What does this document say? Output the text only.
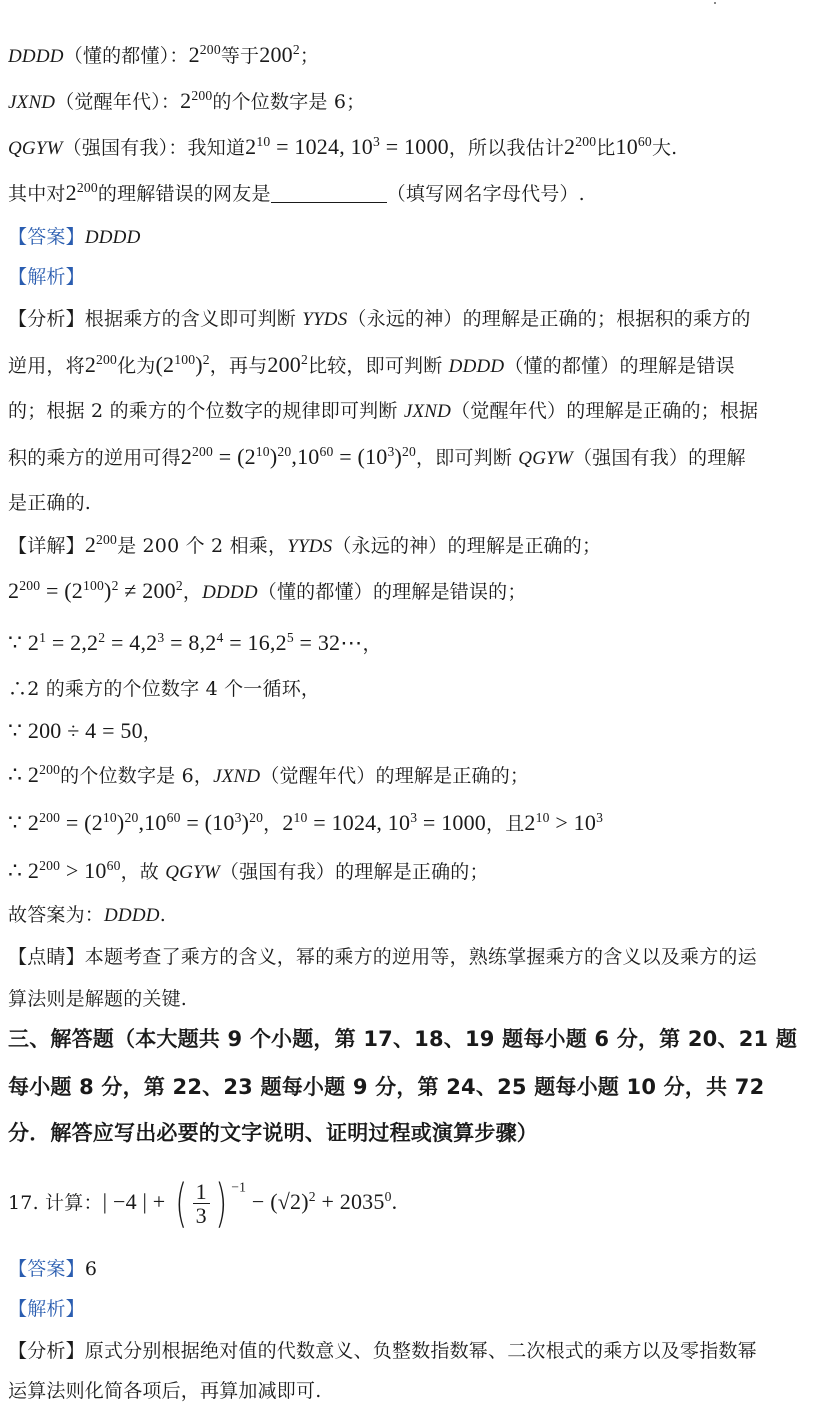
DDDD（懂的都懂）：$2^{200}$等于$200^2$；
JXND（觉醒年代）：$2^{200}$的个位数字是 6；
QGYW（强国有我）：我知道$2^{10} = 1024$, $10^3 = 1000$，所以我估计$2^{200}$比$10^{60}$大.
其中对$2^{200}$的理解错误的网友是	（填写网名字母代号）.
【答案】DDDD
【解析】
【分析】根据乘方的含义即可判断 YYDS（永远的神）的理解是正确的；根据积的乘方的
逆用，将$2^{200}$化为$(2^{100})^2$，再与$200^2$比较，即可判断 DDDD（懂的都懂）的理解是错误
的；根据 2 的乘方的个位数字的规律即可判断 JXND（觉醒年代）的理解是正确的；根据
积的乘方的逆用可得$2^{200} = (2^{10})^{20},10^{60} = (10^3)^{20}$，即可判断 QGYW（强国有我）的理解
是正确的.
【详解】$2^{200}$是 200 个 2 相乘，YYDS（永远的神）的理解是正确的；
$2^{200} = (2^{100})^2 \ne 200^2$，DDDD（懂的都懂）的理解是错误的；
∵ $2^1 = 2,2^2 = 4,2^3 = 8,2^4 = 16,2^5$ = 32⋯，
∴2 的乘方的个位数字 4 个一循环，
∵ 200 ÷ 4 = 50，
∴ $2^{200}$的个位数字是 6，JXND（觉醒年代）的理解是正确的；
∵ $2^{200} = (2^{10})^{20},10^{60} = (10^3)^{20}$，$2^{10} = 1024$, $10^3 = 1000$，且$2^{10} > 10^3$
∴ $2^{200} > 10^{60}$，故 QGYW（强国有我）的理解是正确的；
故答案为：DDDD.
【点睛】本题考查了乘方的含义，幂的乘方的逆用等，熟练掌握乘方的含义以及乘方的运
算法则是解题的关键.
三、解答题（本大题共 9 个小题，第 17、18、19 题每小题 6 分，第 20、21 题
每小题 8 分，第 22、23 题每小题 9 分，第 24、25 题每小题 10 分，共 72
分．解答应写出必要的文字说明、证明过程或演算步骤）
17. 计算：| −4 | + ( $\frac{1}{3}$ ) $^{-1} - (√2)^2 + 2035^0$.
【答案】6
【解析】
【分析】原式分别根据绝对值的代数意义、负整数指数幂、二次根式的乘方以及零指数幂
运算法则化简各项后，再算加减即可.
